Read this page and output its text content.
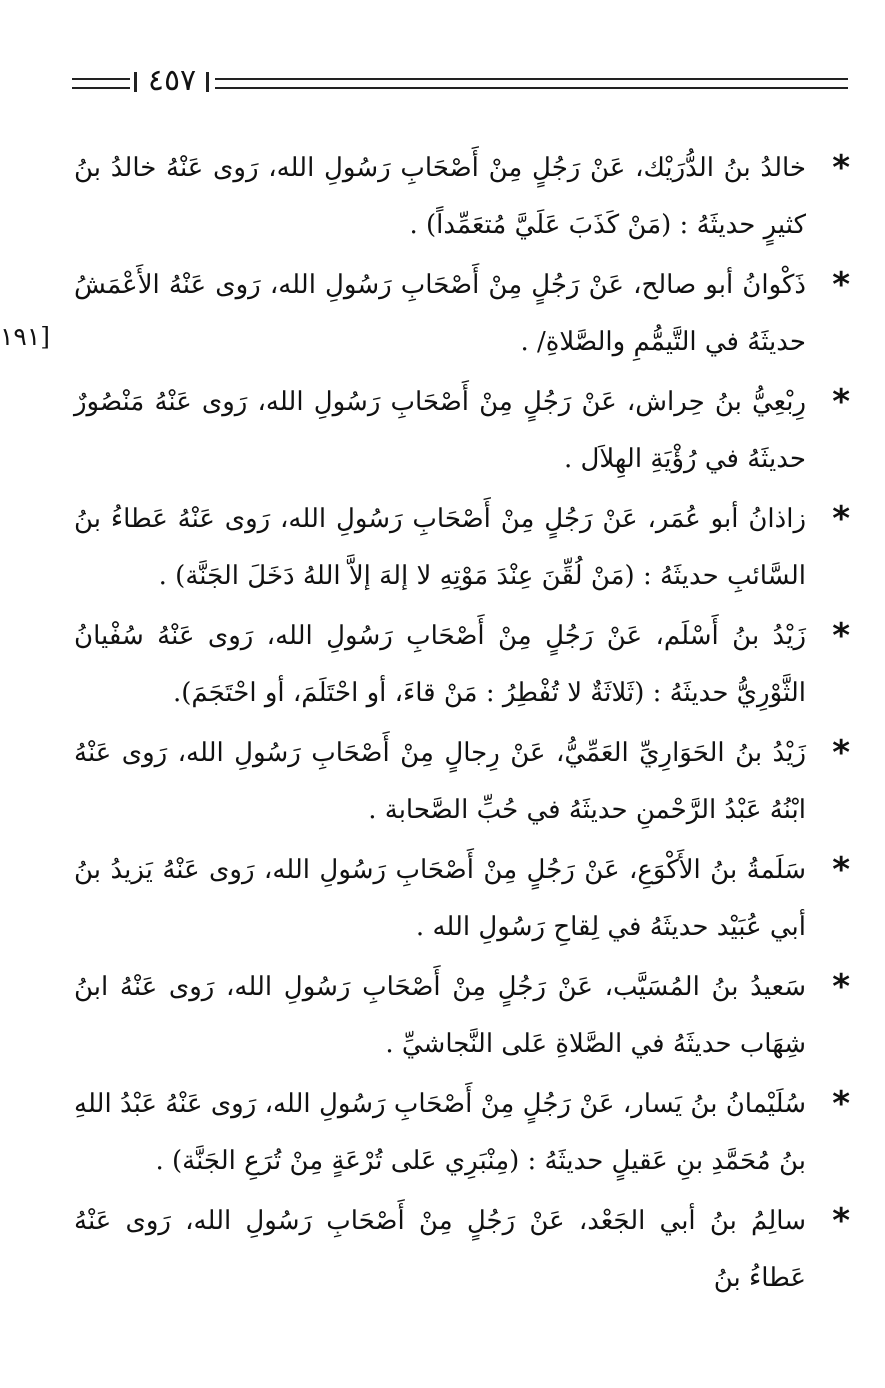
٤٥٧
[١٩١
*
خالدُ بنُ الدُّرَيْك، عَنْ رَجُلٍ مِنْ أَصْحَابِ رَسُولِ الله، رَوى عَنْهُ خالدُ بنُ كثيرٍ حديثَهُ : (مَنْ كَذَبَ عَلَيَّ مُتعَمِّداً) .
*
ذَكْوانُ أبو صالح، عَنْ رَجُلٍ مِنْ أَصْحَابِ رَسُولِ الله، رَوى عَنْهُ الأَعْمَشُ حديثَهُ في التَّيمُّمِ والصَّلاةِ/ .
*
رِبْعِيُّ بنُ حِراش، عَنْ رَجُلٍ مِنْ أَصْحَابِ رَسُولِ الله، رَوى عَنْهُ مَنْصُورٌ حديثَهُ في رُؤْيَةِ الهِلاَل .
*
زاذانُ أبو عُمَر، عَنْ رَجُلٍ مِنْ أَصْحَابِ رَسُولِ الله، رَوى عَنْهُ عَطاءُ بنُ السَّائبِ حديثَهُ : (مَنْ لُقِّنَ عِنْدَ مَوْتِهِ لا إلهَ إلاَّ اللهُ دَخَلَ الجَنَّة) .
*
زَيْدُ بنُ أَسْلَم، عَنْ رَجُلٍ مِنْ أَصْحَابِ رَسُولِ الله، رَوى عَنْهُ سُفْيانُ الثَّوْرِيُّ حديثَهُ : (ثَلاثَةٌ لا تُفْطِرُ : مَنْ قاءَ، أو احْتَلَمَ، أو احْتَجَمَ).
*
زَيْدُ بنُ الحَوَارِيِّ العَمِّيُّ، عَنْ رِجالٍ مِنْ أَصْحَابِ رَسُولِ الله، رَوى عَنْهُ ابْنُهُ عَبْدُ الرَّحْمنِ حديثَهُ في حُبِّ الصَّحابة .
*
سَلَمةُ بنُ الأَكْوَعِ، عَنْ رَجُلٍ مِنْ أَصْحَابِ رَسُولِ الله، رَوى عَنْهُ يَزيدُ بنُ أبي عُبَيْد حديثَهُ في لِقاحِ رَسُولِ الله .
*
سَعيدُ بنُ المُسَيَّب، عَنْ رَجُلٍ مِنْ أَصْحَابِ رَسُولِ الله، رَوى عَنْهُ ابنُ شِهَاب حديثَهُ في الصَّلاةِ عَلى النَّجاشيِّ .
*
سُلَيْمانُ بنُ يَسار، عَنْ رَجُلٍ مِنْ أَصْحَابِ رَسُولِ الله، رَوى عَنْهُ عَبْدُ اللهِ بنُ مُحَمَّدِ بنِ عَقيلٍ حديثَهُ : (مِنْبَرِي عَلى تُرْعَةٍ مِنْ تُرَعِ الجَنَّة) .
*
سالِمُ بنُ أبي الجَعْد، عَنْ رَجُلٍ مِنْ أَصْحَابِ رَسُولِ الله، رَوى عَنْهُ عَطاءُ بنُ
